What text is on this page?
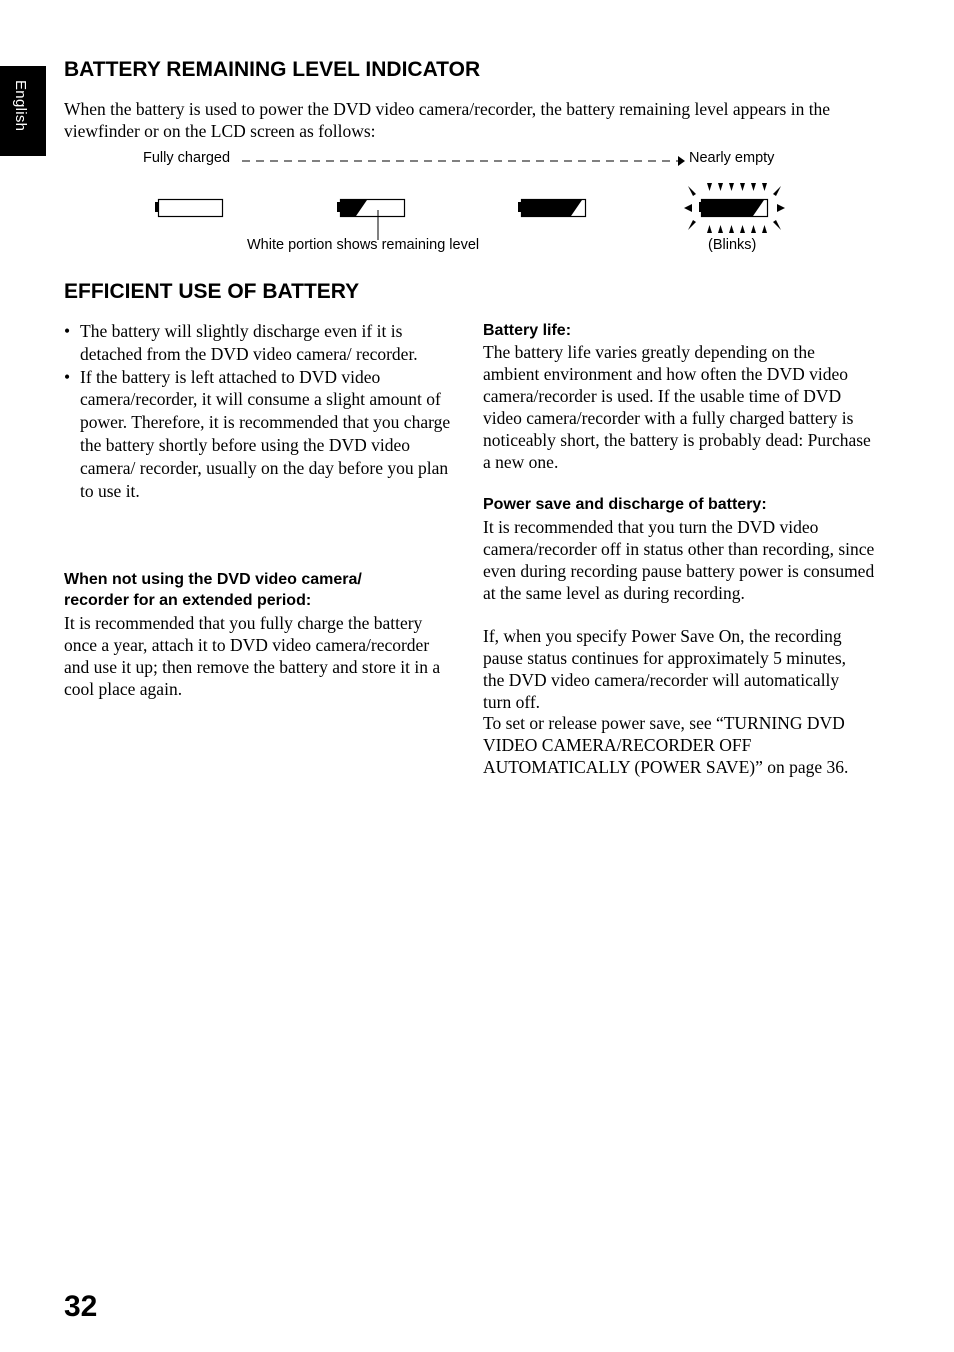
English
BATTERY REMAINING LEVEL INDICATOR

When the battery is used to power the DVD video camera/recorder, the battery remaining level appears in the viewfinder or on the LCD screen as follows:

Fully charged	Nearly empty
White portion shows remaining level	(Blinks)
EFFICIENT USE OF BATTERY
• The battery will slightly discharge even if it is detached from the DVD video camera/ recorder.
• If the battery is left attached to DVD video camera/recorder, it will consume a slight amount of power. Therefore, it is recommended that you charge the battery shortly before using the DVD video camera/ recorder, usually on the day before you plan to use it.

When not using the DVD video camera/ recorder for an extended period:

It is recommended that you fully charge the battery once a year, attach it to DVD video camera/recorder and use it up; then remove the battery and store it in a cool place again.

Battery life:

The battery life varies greatly depending on the ambient environment and how often the DVD video camera/recorder is used. If the usable time of DVD video camera/recorder with a fully charged battery is noticeably short, the battery is probably dead: Purchase a new one.

Power save and discharge of battery:

It is recommended that you turn the DVD video camera/recorder off in status other than recording, since even during recording pause battery power is consumed at the same level as during recording.

If, when you specify Power Save On, the recording pause status continues for approximately 5 minutes, the DVD video camera/recorder will automatically turn off.

To set or release power save, see “TURNING DVD VIDEO CAMERA/RECORDER OFF AUTOMATICALLY (POWER SAVE)” on page 36.

32
